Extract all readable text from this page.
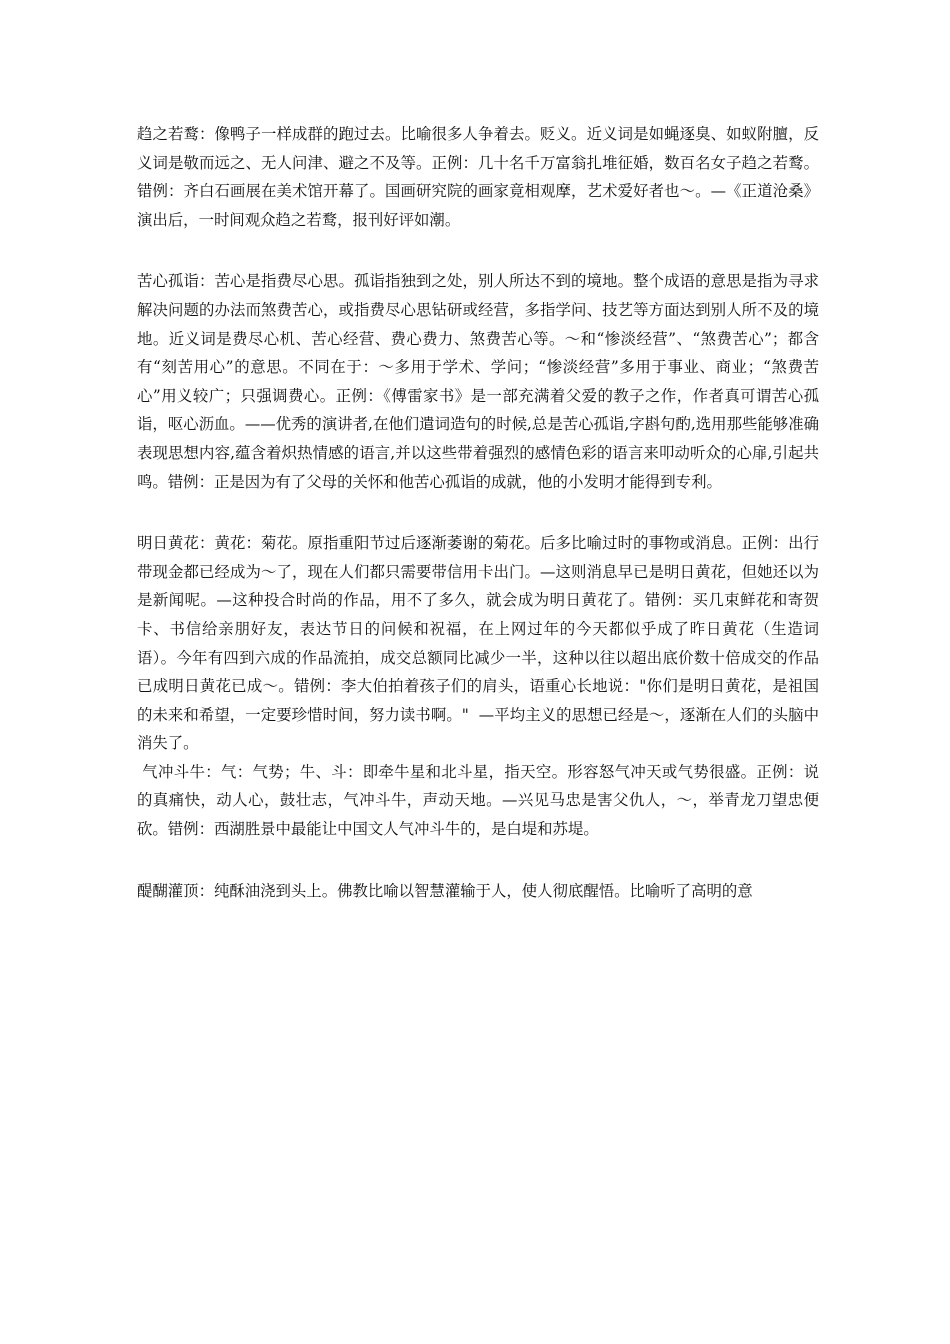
趋之若鹜：像鸭子一样成群的跑过去。比喻很多人争着去。贬义。近义词是如蝇逐臭、如蚁附膻，反义词是敬而远之、无人问津、避之不及等。正例：几十名千万富翁扎堆征婚，数百名女子趋之若鹜。错例：齐白石画展在美术馆开幕了。国画研究院的画家竟相观摩，艺术爱好者也～。—《正道沧桑》演出后，一时间观众趋之若鹜，报刊好评如潮。

苦心孤诣：苦心是指费尽心思。孤诣指独到之处，别人所达不到的境地。整个成语的意思是指为寻求解决问题的办法而煞费苦心，或指费尽心思钻研或经营，多指学问、技艺等方面达到别人所不及的境地。近义词是费尽心机、苦心经营、费心费力、煞费苦心等。～和“惨淡经营”、“煞费苦心”；都含有“刻苦用心”的意思。不同在于：～多用于学术、学问；“惨淡经营”多用于事业、商业；“煞费苦心”用义较广；只强调费心。正例：《傅雷家书》是一部充满着父爱的教子之作，作者真可谓苦心孤诣，呕心沥血。——优秀的演讲者,在他们遣词造句的时候,总是苦心孤诣,字斟句酌,选用那些能够准确表现思想内容,蕴含着炽热情感的语言,并以这些带着强烈的感情色彩的语言来叩动听众的心扉,引起共鸣。错例：正是因为有了父母的关怀和他苦心孤诣的成就，他的小发明才能得到专利。

明日黄花：黄花：菊花。原指重阳节过后逐渐萎谢的菊花。后多比喻过时的事物或消息。正例：出行带现金都已经成为～了，现在人们都只需要带信用卡出门。—这则消息早已是明日黄花，但她还以为是新闻呢。—这种投合时尚的作品，用不了多久，就会成为明日黄花了。错例：买几束鲜花和寄贺卡、书信给亲朋好友，表达节日的问候和祝福，在上网过年的今天都似乎成了昨日黄花（生造词语）。今年有四到六成的作品流拍，成交总额同比减少一半，这种以往以超出底价数十倍成交的作品已成明日黄花已成～。错例：李大伯拍着孩子们的肩头，语重心长地说："你们是明日黄花，是祖国的未来和希望，一定要珍惜时间，努力读书啊。"  —平均主义的思想已经是～，逐渐在人们的头脑中消失了。

气冲斗牛：气：气势；牛、斗：即牵牛星和北斗星，指天空。形容怒气冲天或气势很盛。正例：说的真痛快，动人心，鼓壮志，气冲斗牛，声动天地。—兴见马忠是害父仇人，～，举青龙刀望忠便砍。错例：西湖胜景中最能让中国文人气冲斗牛的，是白堤和苏堤。

醍醐灌顶：纯酥油浇到头上。佛教比喻以智慧灌输于人，使人彻底醒悟。比喻听了高明的意
